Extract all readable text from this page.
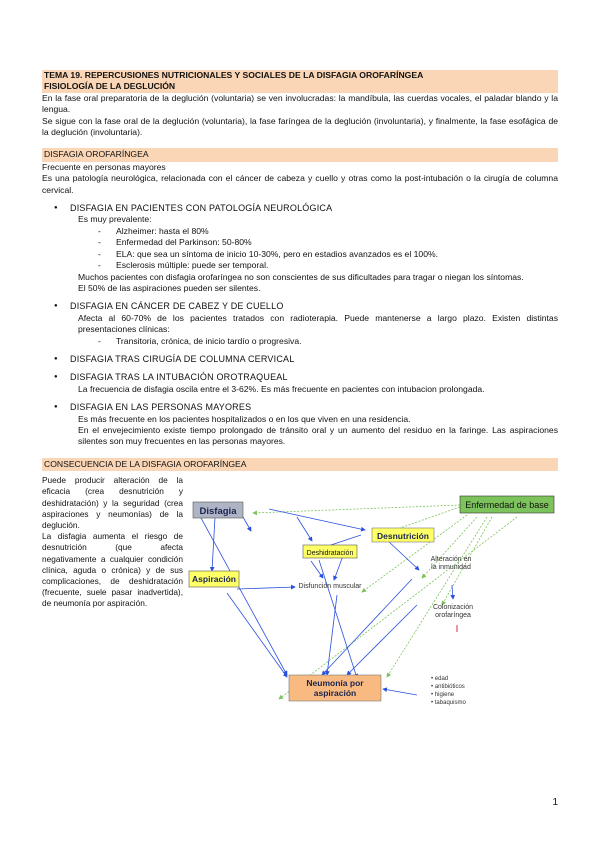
TEMA 19. REPERCUSIONES NUTRICIONALES Y SOCIALES DE LA DISFAGIA OROFARÍNGEA
FISIOLOGÍA DE LA DEGLUCIÓN

En la fase oral preparatoria de la deglución (voluntaria) se ven involucradas: la mandíbula, las cuerdas vocales, el paladar blando y la lengua.

Se sigue con la fase oral de la deglución (voluntaria), la fase faríngea de la deglución (involuntaria), y finalmente, la fase esofágica de la deglución (involuntaria).

DISFAGIA OROFARÍNGEA

Frecuente en personas mayores

Es una patología neurológica, relacionada con el cáncer de cabeza y cuello y otras como la post-intubación o la cirugía de columna cervical.

● DISFAGIA EN PACIENTES CON PATOLOGÍA NEUROLÓGICA

Es muy prevalente:

- Alzheimer: hasta el 80%

- Enfermedad del Parkinson: 50-80%

- ELA: que sea un síntoma de inicio 10-30%, pero en estadios avanzados es el 100%.

- Esclerosis múltiple: puede ser temporal.

Muchos pacientes con disfagia orofaríngea no son conscientes de sus dificultades para tragar o niegan los síntomas.

El 50% de las aspiraciones pueden ser silentes.

● DISFAGIA EN CÁNCER DE CABEZ Y DE CUELLO

Afecta al 60-70% de los pacientes tratados con radioterapia. Puede mantenerse a largo plazo. Existen distintas presentaciones clínicas:

- Transitoria, crónica, de inicio tardío o progresiva.

● DISFAGIA TRAS CIRUGÍA DE COLUMNA CERVICAL
● DISFAGIA TRAS LA INTUBACIÓN OROTRAQUEAL

La frecuencia de disfagia oscila entre el 3-62%. Es más frecuente en pacientes con intubacion prolongada.

● DISFAGIA EN LAS PERSONAS MAYORES

Es más frecuente en los pacientes hospitalizados o en los que viven en una residencia.

En el envejecimiento existe tiempo prolongado de tránsito oral y un aumento del residuo en la faringe. Las aspiraciones silentes son muy frecuentes en las personas mayores.

CONSECUENCIA DE LA DISFAGIA OROFARÍNGEA

Puede producir alteración de la eficacia (crea desnutrición y deshidratación) y la seguridad (crea aspiraciones y neumonías) de la deglución.

La disfagia aumenta el riesgo de desnutrición (que afecta negativamente a cualquier condición clínica, aguda o crónica) y de sus complicaciones, de deshidratación (frecuente, suele pasar inadvertida), de neumonía por aspiración.

Enfermedad de base
Disfagia
Desnutrición
Deshidratación
Aspiración
Disfunción muscular
Alteración en
la inmunidad
Colonización
orofaríngea
Neumonía por
aspiración
• edad
• antibióticos
• higiene
• tabaquismo
1
